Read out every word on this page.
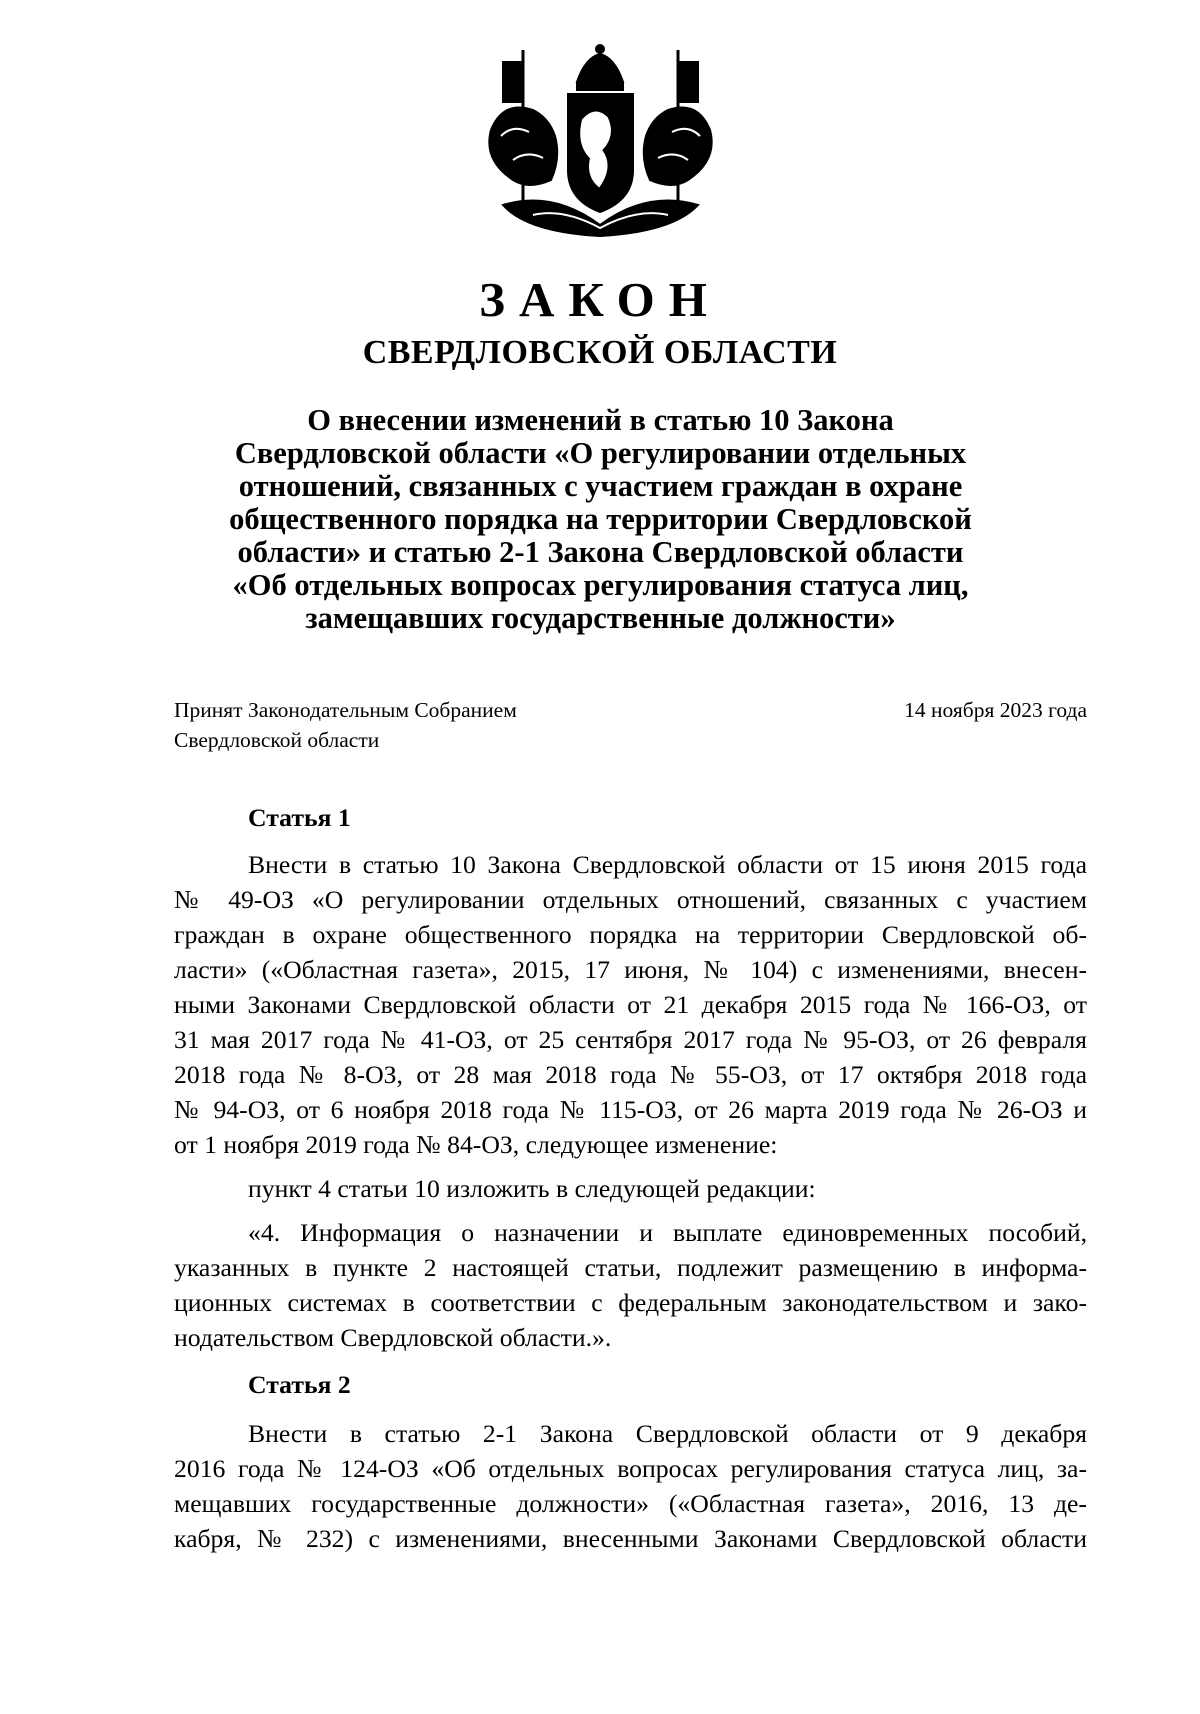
ЗАКОН
СВЕРДЛОВСКОЙ ОБЛАСТИ
О внесении изменений в статью 10 Закона
Свердловской области «О регулировании отдельных
отношений, связанных с участием граждан в охране
общественного порядка на территории Свердловской
области» и статью 2-1 Закона Свердловской области
«Об отдельных вопросах регулирования статуса лиц,
замещавших государственные должности»
Принят Законодательным Собранием
Свердловской области
14 ноября 2023 года
Статья 1
Внести в статью 10 Закона Свердловской области от 15 июня 2015 года
№ 49-ОЗ «О регулировании отдельных отношений, связанных с участием
граждан в охране общественного порядка на территории Свердловской об-
ласти» («Областная газета», 2015, 17 июня, № 104) с изменениями, внесен-
ными Законами Свердловской области от 21 декабря 2015 года № 166-ОЗ, от
31 мая 2017 года № 41-ОЗ, от 25 сентября 2017 года № 95-ОЗ, от 26 февраля
2018 года № 8-ОЗ, от 28 мая 2018 года № 55-ОЗ, от 17 октября 2018 года
№ 94-ОЗ, от 6 ноября 2018 года № 115-ОЗ, от 26 марта 2019 года № 26-ОЗ и
от 1 ноября 2019 года № 84-ОЗ, следующее изменение:
пункт 4 статьи 10 изложить в следующей редакции:
«4. Информация о назначении и выплате единовременных пособий,
указанных в пункте 2 настоящей статьи, подлежит размещению в информа-
ционных системах в соответствии с федеральным законодательством и зако-
нодательством Свердловской области.».
Статья 2
Внести в статью 2-1 Закона Свердловской области от 9 декабря
2016 года № 124-ОЗ «Об отдельных вопросах регулирования статуса лиц, за-
мещавших государственные должности» («Областная газета», 2016, 13 де-
кабря, № 232) с изменениями, внесенными Законами Свердловской области
